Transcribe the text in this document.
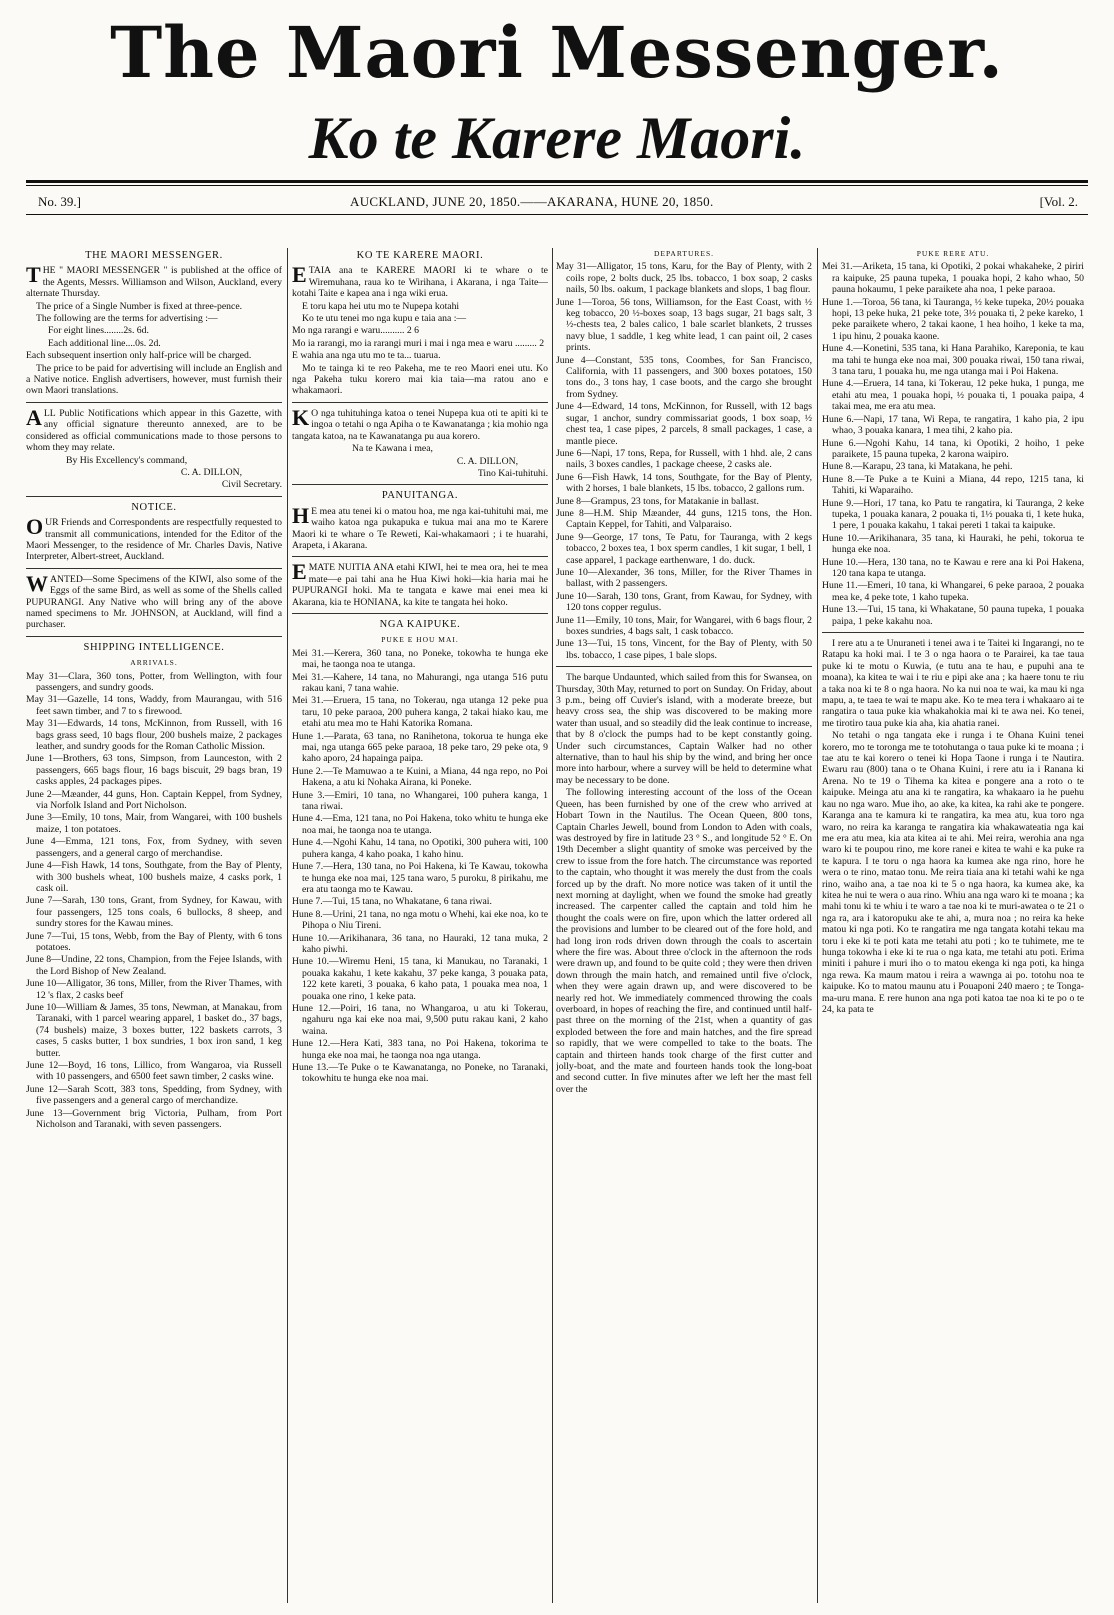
The Maori Messenger.
Ko te Karere Maori.
No. 39.]	AUCKLAND, JUNE 20, 1850.——AKARANA, HUNE 20, 1850.	[Vol. 2.
THE MAORI MESSENGER.

THE " MAORI MESSENGER " is published at the office of the Agents, Messrs. Williamson and Wilson, Auckland, every alternate Thursday.

The price of a Single Number is fixed at three-pence.

The following are the terms for advertising :—

For eight lines........2s. 6d.

Each additional line....0s. 2d.

Each subsequent insertion only half-price will be charged.

The price to be paid for advertising will include an English and a Native notice. English advertisers, however, must furnish their own Maori translations.

ALL Public Notifications which appear in this Gazette, with any official signature thereunto annexed, are to be considered as official communications made to those persons to whom they may relate.

By His Excellency's command,

C. A. DILLON,

Civil Secretary.

NOTICE.

OUR Friends and Correspondents are respectfully requested to transmit all communications, intended for the Editor of the Maori Messenger, to the residence of Mr. Charles Davis, Native Interpreter, Albert-street, Auckland.

WANTED—Some Specimens of the KIWI, also some of the Eggs of the same Bird, as well as some of the Shells called PUPURANGI. Any Native who will bring any of the above named specimens to Mr. JOHNSON, at Auckland, will find a purchaser.

SHIPPING INTELLIGENCE.
ARRIVALS.

May 31—Clara, 360 tons, Potter, from Wellington, with four passengers, and sundry goods.

May 31—Gazelle, 14 tons, Waddy, from Maurangau, with 516 feet sawn timber, and 7 to s firewood.

May 31—Edwards, 14 tons, McKinnon, from Russell, with 16 bags grass seed, 10 bags flour, 200 bushels maize, 2 packages leather, and sundry goods for the Roman Catholic Mission.

June 1—Brothers, 63 tons, Simpson, from Launceston, with 2 passengers, 665 bags flour, 16 bags biscuit, 29 bags bran, 19 casks apples, 24 packages pipes.

June 2—Mæander, 44 guns, Hon. Captain Keppel, from Sydney, via Norfolk Island and Port Nicholson.

June 3—Emily, 10 tons, Mair, from Wangarei, with 100 bushels maize, 1 ton potatoes.

June 4—Emma, 121 tons, Fox, from Sydney, with seven passengers, and a general cargo of merchandise.

June 4—Fish Hawk, 14 tons, Southgate, from the Bay of Plenty, with 300 bushels wheat, 100 bushels maize, 4 casks pork, 1 cask oil.

June 7—Sarah, 130 tons, Grant, from Sydney, for Kawau, with four passengers, 125 tons coals, 6 bullocks, 8 sheep, and sundry stores for the Kawau mines.

June 7—Tui, 15 tons, Webb, from the Bay of Plenty, with 6 tons potatoes.

June 8—Undine, 22 tons, Champion, from the Fejee Islands, with the Lord Bishop of New Zealand.

June 10—Alligator, 36 tons, Miller, from the River Thames, with 12 's flax, 2 casks beef

June 10—William & James, 35 tons, Newman, at Manakau, from Taranaki, with 1 parcel wearing apparel, 1 basket do., 37 bags, (74 bushels) maize, 3 boxes butter, 122 baskets carrots, 3 cases, 5 casks butter, 1 box sundries, 1 box iron sand, 1 keg butter.

June 12—Boyd, 16 tons, Lillico, from Wangaroa, via Russell with 10 passengers, and 6500 feet sawn timber, 2 casks wine.

June 12—Sarah Scott, 383 tons, Spedding, from Sydney, with five passengers and a general cargo of merchandize.

June 13—Government brig Victoria, Pulham, from Port Nicholson and Taranaki, with seven passengers.

KO TE KARERE MAORI.

ETAIA ana te KARERE MAORI ki te whare o te Wiremuhana, raua ko te Wirihana, i Akarana, i nga Taite—kotahi Taite e kapea ana i nga wiki erua.

E toru kapa hei utu mo te Nupepa kotahi

Ko te utu tenei mo nga kupu e taia ana :—

Mo nga rarangi e waru.......... 2 6

Mo ia rarangi, mo ia rarangi muri i mai i nga mea e waru ......... 2

E wahia ana nga utu mo te ta... tuarua.

Mo te tainga ki te reo Pakeha, me te reo Maori enei utu. Ko nga Pakeha tuku korero mai kia taia—ma ratou ano e whakamaori.

KO nga tuhituhinga katoa o tenei Nupepa kua oti te apiti ki te ingoa o tetahi o nga Apiha o te Kawanatanga ; kia mohio nga tangata katoa, na te Kawanatanga pu aua korero.

Na te Kawana i mea,

C. A. DILLON,

Tino Kai-tuhituhi.

PANUITANGA.

HE mea atu tenei ki o matou hoa, me nga kai-tuhituhi mai, me waiho katoa nga pukapuka e tukua mai ana mo te Karere Maori ki te whare o Te Reweti, Kai-whakamaori ; i te huarahi, Arapeta, i Akarana.

EMATE NUITIA ANA etahi KIWI, hei te mea ora, hei te mea mate—e pai tahi ana he Hua Kiwi hoki—kia haria mai he PUPURANGI hoki. Ma te tangata e kawe mai enei mea ki Akarana, kia te HONIANA, ka kite te tangata hei hoko.

NGA KAIPUKE.
PUKE E HOU MAI.

Mei 31.—Kerera, 360 tana, no Poneke, tokowha te hunga eke mai, he taonga noa te utanga.

Mei 31.—Kahere, 14 tana, no Mahurangi, nga utanga 516 putu rakau kani, 7 tana wahie.

Mei 31.—Eruera, 15 tana, no Tokerau, nga utanga 12 peke pua taru, 10 peke paraoa, 200 puhera kanga, 2 takai hiako kau, me etahi atu mea mo te Hahi Katorika Romana.

Hune 1.—Parata, 63 tana, no Ranihetona, tokorua te hunga eke mai, nga utanga 665 peke paraoa, 18 peke taro, 29 peke ota, 9 kaho aporo, 24 hapainga paipa.

Hune 2.—Te Mamuwao a te Kuini, a Miana, 44 nga repo, no Poi Hakena, a atu ki Nohaka Airana, ki Poneke.

Hune 3.—Emiri, 10 tana, no Whangarei, 100 puhera kanga, 1 tana riwai.

Hune 4.—Ema, 121 tana, no Poi Hakena, toko whitu te hunga eke noa mai, he taonga noa te utanga.

Hune 4.—Ngohi Kahu, 14 tana, no Opotiki, 300 puhera witi, 100 puhera kanga, 4 kaho poaka, 1 kaho hinu.

Hune 7.—Hera, 130 tana, no Poi Hakena, ki Te Kawau, tokowha te hunga eke noa mai, 125 tana waro, 5 puroku, 8 pirikahu, me era atu taonga mo te Kawau.

Hune 7.—Tui, 15 tana, no Whakatane, 6 tana riwai.

Hune 8.—Urini, 21 tana, no nga motu o Whehi, kai eke noa, ko te Pihopa o Niu Tireni.

Hune 10.—Arikihanara, 36 tana, no Hauraki, 12 tana muka, 2 kaho piwhi.

Hune 10.—Wiremu Heni, 15 tana, ki Manukau, no Taranaki, 1 pouaka kakahu, 1 kete kakahu, 37 peke kanga, 3 pouaka pata, 122 kete kareti, 3 pouaka, 6 kaho pata, 1 pouaka mea noa, 1 pouaka one rino, 1 keke pata.

Hune 12.—Poiri, 16 tana, no Whangaroa, u atu ki Tokerau, ngahuru nga kai eke noa mai, 9,500 putu rakau kani, 2 kaho waina.

Hune 12.—Hera Kati, 383 tana, no Poi Hakena, tokorima te hunga eke noa mai, he taonga noa nga utanga.

Hune 13.—Te Puke o te Kawanatanga, no Poneke, no Taranaki, tokowhitu te hunga eke noa mai.

DEPARTURES.

May 31—Alligator, 15 tons, Karu, for the Bay of Plenty, with 2 coils rope, 2 bolts duck, 25 lbs. tobacco, 1 box soap, 2 casks nails, 50 lbs. oakum, 1 package blankets and slops, 1 bag flour.

June 1—Toroa, 56 tons, Williamson, for the East Coast, with ½ keg tobacco, 20 ½-boxes soap, 13 bags sugar, 21 bags salt, 3 ½-chests tea, 2 bales calico, 1 bale scarlet blankets, 2 trusses navy blue, 1 saddle, 1 keg white lead, 1 can paint oil, 2 cases prints.

June 4—Constant, 535 tons, Coombes, for San Francisco, California, with 11 passengers, and 300 boxes potatoes, 150 tons do., 3 tons hay, 1 case boots, and the cargo she brought from Sydney.

June 4—Edward, 14 tons, McKinnon, for Russell, with 12 bags sugar, 1 anchor, sundry commissariat goods, 1 box soap, ½ chest tea, 1 case pipes, 2 parcels, 8 small packages, 1 case, a mantle piece.

June 6—Napi, 17 tons, Repa, for Russell, with 1 hhd. ale, 2 cans nails, 3 boxes candles, 1 package cheese, 2 casks ale.

June 6—Fish Hawk, 14 tons, Southgate, for the Bay of Plenty, with 2 horses, 1 bale blankets, 15 lbs. tobacco, 2 gallons rum.

June 8—Grampus, 23 tons, for Matakanie in ballast.

June 8—H.M. Ship Mæander, 44 guns, 1215 tons, the Hon. Captain Keppel, for Tahiti, and Valparaiso.

June 9—George, 17 tons, Te Patu, for Tauranga, with 2 kegs tobacco, 2 boxes tea, 1 box sperm candles, 1 kit sugar, 1 bell, 1 case apparel, 1 package earthenware, 1 do. duck.

June 10—Alexander, 36 tons, Miller, for the River Thames in ballast, with 2 passengers.

June 10—Sarah, 130 tons, Grant, from Kawau, for Sydney, with 120 tons copper regulus.

June 11—Emily, 10 tons, Mair, for Wangarei, with 6 bags flour, 2 boxes sundries, 4 bags salt, 1 cask tobacco.

June 13—Tui, 15 tons, Vincent, for the Bay of Plenty, with 50 lbs. tobacco, 1 case pipes, 1 bale slops.

The barque Undaunted, which sailed from this for Swansea, on Thursday, 30th May, returned to port on Sunday. On Friday, about 3 p.m., being off Cuvier's island, with a moderate breeze, but heavy cross sea, the ship was discovered to be making more water than usual, and so steadily did the leak continue to increase, that by 8 o'clock the pumps had to be kept constantly going. Under such circumstances, Captain Walker had no other alternative, than to haul his ship by the wind, and bring her once more into harbour, where a survey will be held to determine what may be necessary to be done.

The following interesting account of the loss of the Ocean Queen, has been furnished by one of the crew who arrived at Hobart Town in the Nautilus. The Ocean Queen, 800 tons, Captain Charles Jewell, bound from London to Aden with coals, was destroyed by fire in latitude 23 ° S., and longitude 52 ° E. On 19th December a slight quantity of smoke was perceived by the crew to issue from the fore hatch. The circumstance was reported to the captain, who thought it was merely the dust from the coals forced up by the draft. No more notice was taken of it until the next morning at daylight, when we found the smoke had greatly increased. The carpenter called the captain and told him he thought the coals were on fire, upon which the latter ordered all the provisions and lumber to be cleared out of the fore hold, and had long iron rods driven down through the coals to ascertain where the fire was. About three o'clock in the afternoon the rods were drawn up, and found to be quite cold ; they were then driven down through the main hatch, and remained until five o'clock, when they were again drawn up, and were discovered to be nearly red hot. We immediately commenced throwing the coals overboard, in hopes of reaching the fire, and continued until half-past three on the morning of the 21st, when a quantity of gas exploded between the fore and main hatches, and the fire spread so rapidly, that we were compelled to take to the boats. The captain and thirteen hands took charge of the first cutter and jolly-boat, and the mate and fourteen hands took the long-boat and second cutter. In five minutes after we left her the mast fell over the

PUKE RERE ATU.

Mei 31.—Ariketa, 15 tana, ki Opotiki, 2 pokai whakaheke, 2 piriri ra kaipuke, 25 pauna tupeka, 1 pouaka hopi, 2 kaho whao, 50 pauna hokaumu, 1 peke paraikete aha noa, 1 peke paraoa.

Hune 1.—Toroa, 56 tana, ki Tauranga, ½ keke tupeka, 20½ pouaka hopi, 13 peke huka, 21 peke tote, 3½ pouaka ti, 2 peke kareko, 1 peke paraikete whero, 2 takai kaone, 1 hea hoiho, 1 keke ta ma, 1 ipu hinu, 2 pouaka kaone.

Hune 4.—Konetini, 535 tana, ki Hana Parahiko, Kareponia, te kau ma tahi te hunga eke noa mai, 300 pouaka riwai, 150 tana riwai, 3 tana taru, 1 pouaka hu, me nga utanga mai i Poi Hakena.

Hune 4.—Eruera, 14 tana, ki Tokerau, 12 peke huka, 1 punga, me etahi atu mea, 1 pouaka hopi, ½ pouaka ti, 1 pouaka paipa, 4 takai mea, me era atu mea.

Hune 6.—Napi, 17 tana, Wi Repa, te rangatira, 1 kaho pia, 2 ipu whao, 3 pouaka kanara, 1 mea tihi, 2 kaho pia.

Hune 6.—Ngohi Kahu, 14 tana, ki Opotiki, 2 hoiho, 1 peke paraikete, 15 pauna tupeka, 2 karona waipiro.

Hune 8.—Karapu, 23 tana, ki Matakana, he pehi.

Hune 8.—Te Puke a te Kuini a Miana, 44 repo, 1215 tana, ki Tahiti, ki Waparaiho.

Hune 9.—Hori, 17 tana, ko Patu te rangatira, ki Tauranga, 2 keke tupeka, 1 pouaka kanara, 2 pouaka ti, 1½ pouaka ti, 1 kete huka, 1 pere, 1 pouaka kakahu, 1 takai pereti 1 takai ta kaipuke.

Hune 10.—Arikihanara, 35 tana, ki Hauraki, he pehi, tokorua te hunga eke noa.

Hune 10.—Hera, 130 tana, no te Kawau e rere ana ki Poi Hakena, 120 tana kapa te utanga.

Hune 11.—Emeri, 10 tana, ki Whangarei, 6 peke paraoa, 2 pouaka mea ke, 4 peke tote, 1 kaho tupeka.

Hune 13.—Tui, 15 tana, ki Whakatane, 50 pauna tupeka, 1 pouaka paipa, 1 peke kakahu noa.

I rere atu a te Unuraneti i tenei awa i te Taitei ki Ingarangi, no te Ratapu ka hoki mai. I te 3 o nga haora o te Parairei, ka tae taua puke ki te motu o Kuwia, (e tutu ana te hau, e pupuhi ana te moana), ka kitea te wai i te riu e pipi ake ana ; ka haere tonu te riu a taka noa ki te 8 o nga haora. No ka nui noa te wai, ka mau ki nga mapu, a, te taea te wai te mapu ake. Ko te mea tera i whakaaro ai te rangatira o taua puke kia whakahokia mai ki te awa nei. Ko tenei, me tirotiro taua puke kia aha, kia ahatia ranei.

No tetahi o nga tangata eke i runga i te Ohana Kuini tenei korero, mo te toronga me te totohutanga o taua puke ki te moana ; i tae atu te kai korero o tenei ki Hopa Taone i runga i te Nautira. Ewaru rau (800) tana o te Ohana Kuini, i rere atu ia i Ranana ki Arena. No te 19 o Tihema ka kitea e pongere ana a roto o te kaipuke. Meinga atu ana ki te rangatira, ka whakaaro ia he puehu kau no nga waro. Mue iho, ao ake, ka kitea, ka rahi ake te pongere. Karanga ana te kamura ki te rangatira, ka mea atu, kua toro nga waro, no reira ka karanga te rangatira kia whakawateatia nga kai me era atu mea, kia ata kitea ai te ahi. Mei reira, werohia ana nga waro ki te poupou rino, me kore ranei e kitea te wahi e ka puke ra te kapura. I te toru o nga haora ka kumea ake nga rino, hore he wera o te rino, matao tonu. Me reira tiaia ana ki tetahi wahi ke nga rino, waiho ana, a tae noa ki te 5 o nga haora, ka kumea ake, ka kitea he nui te wera o aua rino. Whiu ana nga waro ki te moana ; ka mahi tonu ki te whiu i te waro a tae noa ki te muri-awatea o te 21 o nga ra, ara i katoropuku ake te ahi, a, mura noa ; no reira ka heke matou ki nga poti. Ko te rangatira me nga tangata kotahi tekau ma toru i eke ki te poti kata me tetahi atu poti ; ko te tuhimete, me te hunga tokowha i eke ki te rua o nga kata, me tetahi atu poti. Erima miniti i pahure i muri iho o to matou ekenga ki nga poti, ka hinga nga rewa. Ka maum matou i reira a wawnga ai po. totohu noa te kaipuke. Ko to matou maunu atu i Pouaponi 240 maero ; te Tonga-ma-uru mana. E rere hunon ana nga poti katoa tae noa ki te po o te 24, ka pata te
